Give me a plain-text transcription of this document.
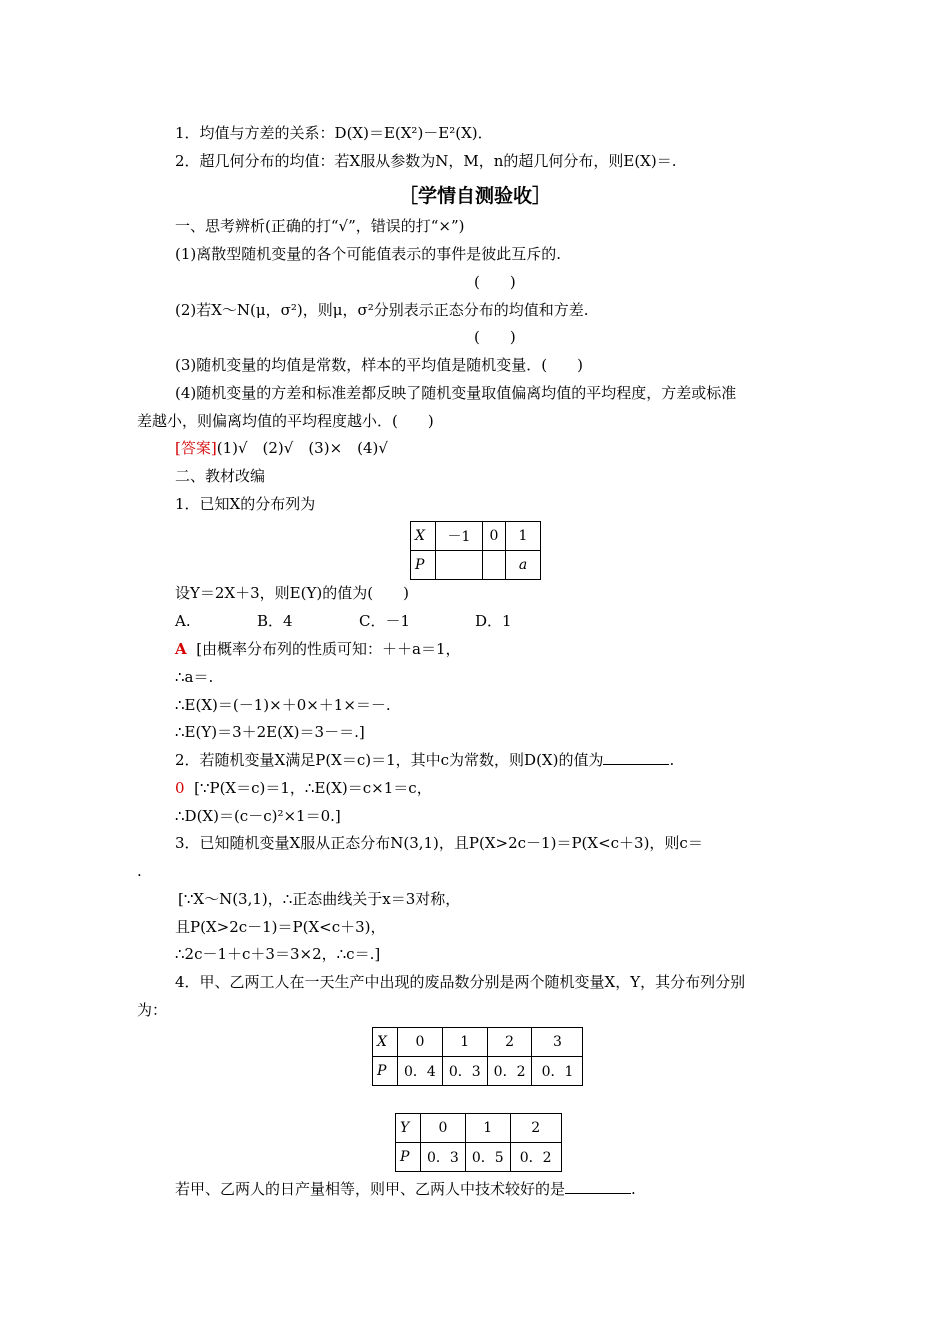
1．均值与方差的关系：D(X)＝E(X²)－E²(X)．
2．超几何分布的均值：若X服从参数为N，M，n的超几何分布，则E(X)＝.
［学情自测验收］
一、思考辨析(正确的打“√”，错误的打“×”)
(1)离散型随机变量的各个可能值表示的事件是彼此互斥的.
(　　)
(2)若X～N(μ，σ²)，则μ，σ²分别表示正态分布的均值和方差.
(　　)
(3)随机变量的均值是常数，样本的平均值是随机变量．(　　)
(4)随机变量的方差和标准差都反映了随机变量取值偏离均值的平均程度，方差或标准
差越小，则偏离均值的平均程度越小．(　　)
[答案](1)√　(2)√　(3)×　(4)√
二、教材改编
1．已知X的分布列为
X	－1	0	1
P			a
设Y＝2X＋3，则E(Y)的值为(　　)
A.	B．4	C．－1	D．1
A [由概率分布列的性质可知：＋＋a＝1，
∴a＝.
∴E(X)＝(－1)×＋0×＋1×＝－.
∴E(Y)＝3＋2E(X)＝3－＝.]
2．若随机变量X满足P(X＝c)＝1，其中c为常数，则D(X)的值为	.
0 [∵P(X＝c)＝1，∴E(X)＝c×1＝c，
∴D(X)＝(c－c)²×1＝0.]
3．已知随机变量X服从正态分布N(3,1)，且P(X>2c－1)＝P(X<c＋3)，则c＝
.
[∵X～N(3,1)，∴正态曲线关于x＝3对称，
且P(X>2c－1)＝P(X<c＋3)，
∴2c－1＋c＋3＝3×2，∴c＝.]
4．甲、乙两工人在一天生产中出现的废品数分别是两个随机变量X，Y，其分布列分别
为：
X	0	1	2	3
P	0．4	0．3	0．2	0．1
Y	0	1	2
P	0．3	0．5	0．2
若甲、乙两人的日产量相等，则甲、乙两人中技术较好的是	.
